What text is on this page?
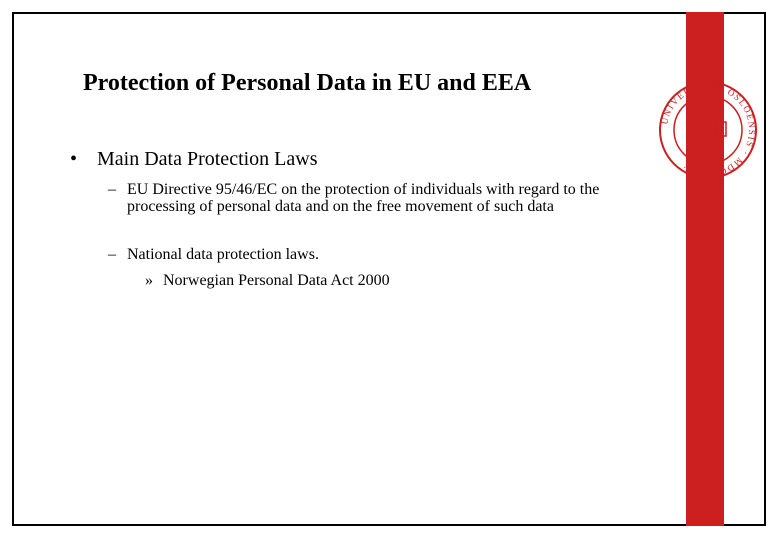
UNIVERSITAS OSLOENSIS · MDCCCXI ·
Protection of Personal Data in EU and EEA
• Main Data Protection Laws
– EU Directive 95/46/EC on the protection of individuals with regard to the processing of personal data and on the free movement of such data
– National data protection laws.
» Norwegian Personal Data Act 2000
